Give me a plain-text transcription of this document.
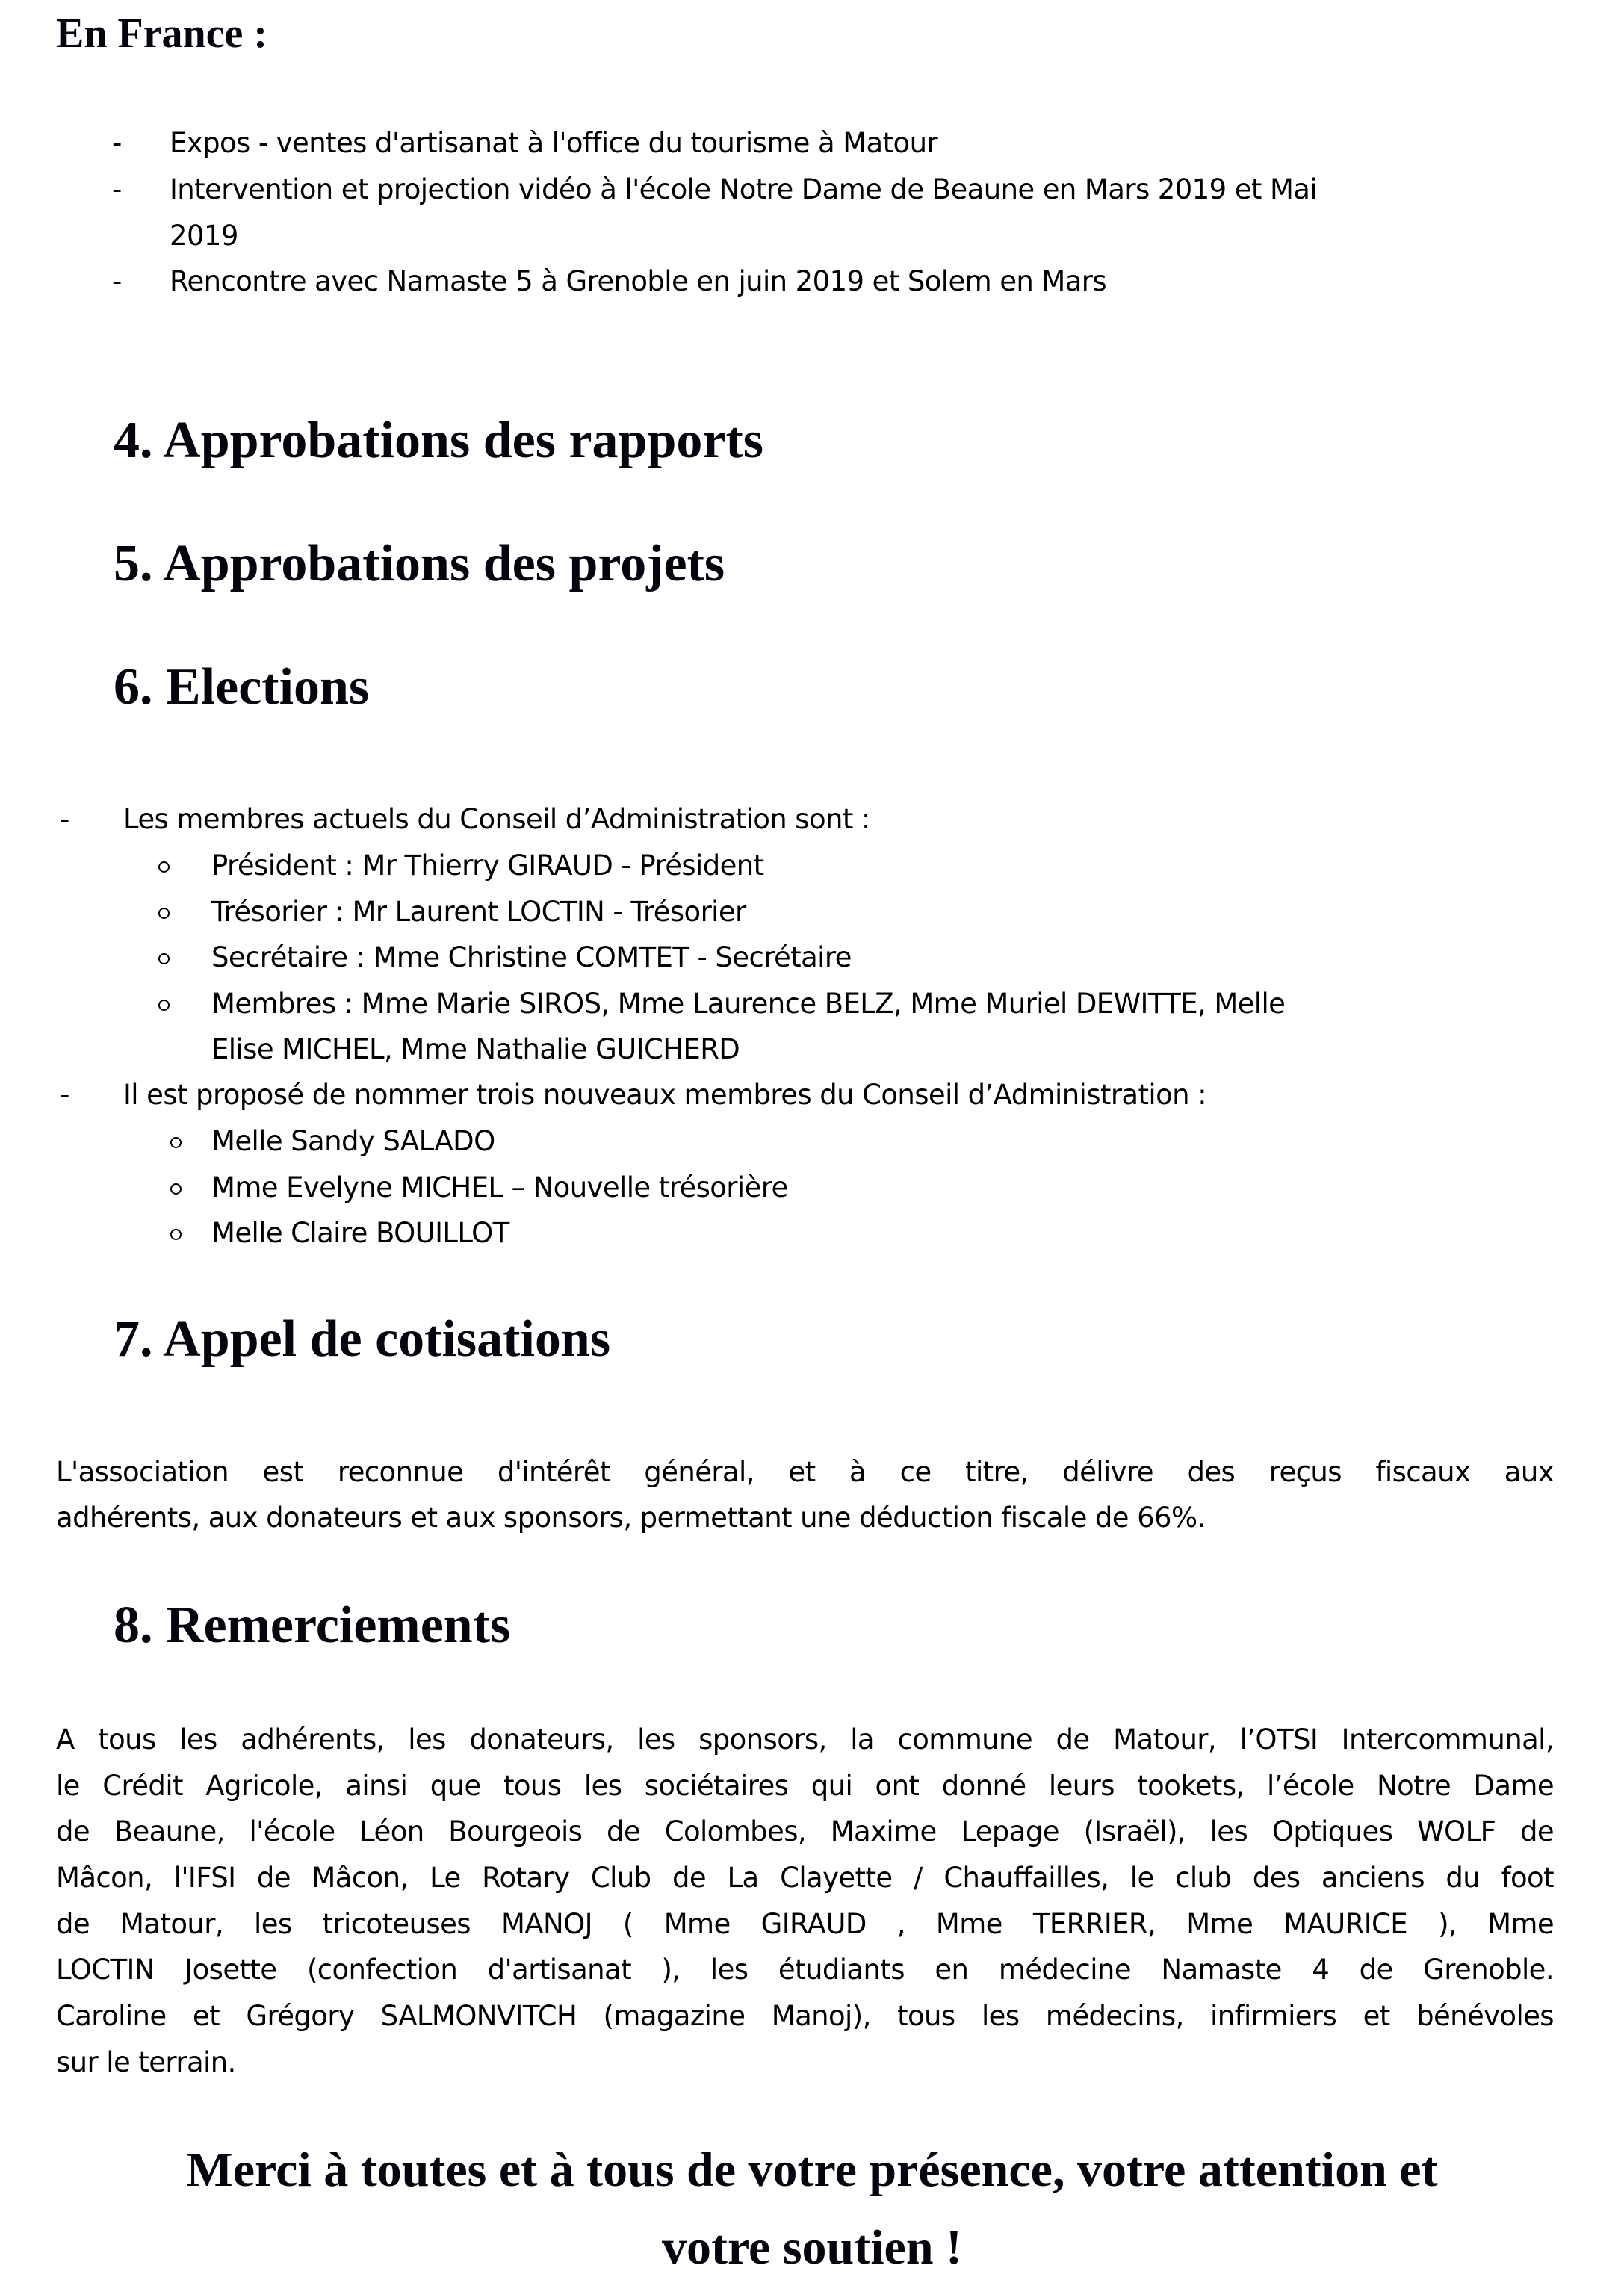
En France :
- Expos - ventes d'artisanat à l'office du tourisme à Matour
- Intervention et projection vidéo à l'école Notre Dame de Beaune en Mars 2019 et Mai
2019
- Rencontre avec Namaste 5 à Grenoble en juin 2019 et Solem en Mars
4. Approbations des rapports
5. Approbations des projets
6. Elections
- Les membres actuels du Conseil d’Administration sont :
Président : Mr Thierry GIRAUD - Président
Trésorier : Mr Laurent LOCTIN - Trésorier
Secrétaire : Mme Christine COMTET - Secrétaire
Membres : Mme Marie SIROS, Mme Laurence BELZ, Mme Muriel DEWITTE, Melle
Elise MICHEL, Mme Nathalie GUICHERD
- Il est proposé de nommer trois nouveaux membres du Conseil d’Administration :
Melle Sandy SALADO
Mme Evelyne MICHEL – Nouvelle trésorière
Melle Claire BOUILLOT
7. Appel de cotisations
L'association est reconnue d'intérêt général, et à ce titre, délivre des reçus fiscaux aux
adhérents, aux donateurs et aux sponsors, permettant une déduction fiscale de 66%.
8. Remerciements
A tous les adhérents, les donateurs, les sponsors, la commune de Matour, l’OTSI Intercommunal,
le Crédit Agricole, ainsi que tous les sociétaires qui ont donné leurs tookets, l’école Notre Dame
de Beaune, l'école Léon Bourgeois de Colombes, Maxime Lepage (Israël), les Optiques WOLF de
Mâcon, l'IFSI de Mâcon, Le Rotary Club de La Clayette / Chauffailles, le club des anciens du foot
de Matour, les tricoteuses MANOJ ( Mme GIRAUD , Mme TERRIER, Mme MAURICE ), Mme
LOCTIN Josette (confection d'artisanat ), les étudiants en médecine Namaste 4 de Grenoble.
Caroline et Grégory SALMONVITCH (magazine Manoj), tous les médecins, infirmiers et bénévoles
sur le terrain.
Merci à toutes et à tous de votre présence, votre attention et
votre soutien !
